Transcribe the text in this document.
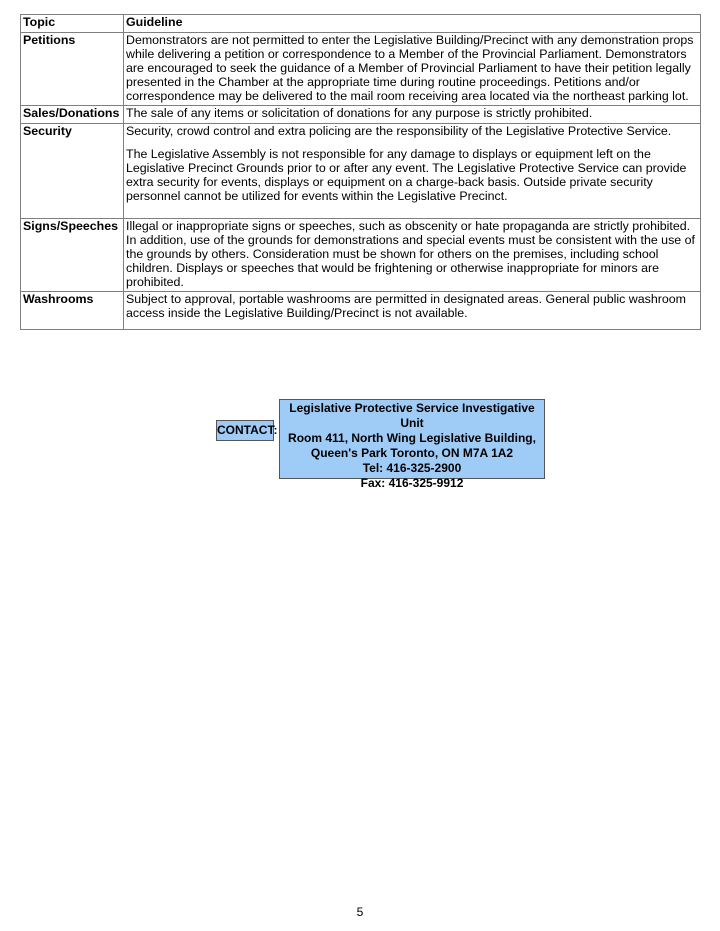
Topic	Guideline
Petitions	Demonstrators are not permitted to enter the Legislative Building/Precinct with any demonstration props while delivering a petition or correspondence to a Member of the Provincial Parliament. Demonstrators are encouraged to seek the guidance of a Member of Provincial Parliament to have their petition legally presented in the Chamber at the appropriate time during routine proceedings. Petitions and/or correspondence may be delivered to the mail room receiving area located via the northeast parking lot.

Sales/Donations	The sale of any items or solicitation of donations for any purpose is strictly prohibited.

Security	Security, crowd control and extra policing are the responsibility of the Legislative Protective Service.
The Legislative Assembly is not responsible for any damage to displays or equipment left on the Legislative Precinct Grounds prior to or after any event. The Legislative Protective Service can provide extra security for events, displays or equipment on a charge-back basis. Outside private security personnel cannot be utilized for events within the Legislative Precinct.

Signs/Speeches	Illegal or inappropriate signs or speeches, such as obscenity or hate propaganda are strictly prohibited. In addition, use of the grounds for demonstrations and special events must be consistent with the use of the grounds by others. Consideration must be shown for others on the premises, including school children. Displays or speeches that would be frightening or otherwise inappropriate for minors are prohibited.

Washrooms	Subject to approval, portable washrooms are permitted in designated areas. General public washroom access inside the Legislative Building/Precinct is not available.
CONTACT:
Legislative Protective Service Investigative Unit
Room 411, North Wing Legislative Building,
Queen's Park Toronto, ON M7A 1A2
Tel: 416-325-2900
Fax: 416-325-9912
5
